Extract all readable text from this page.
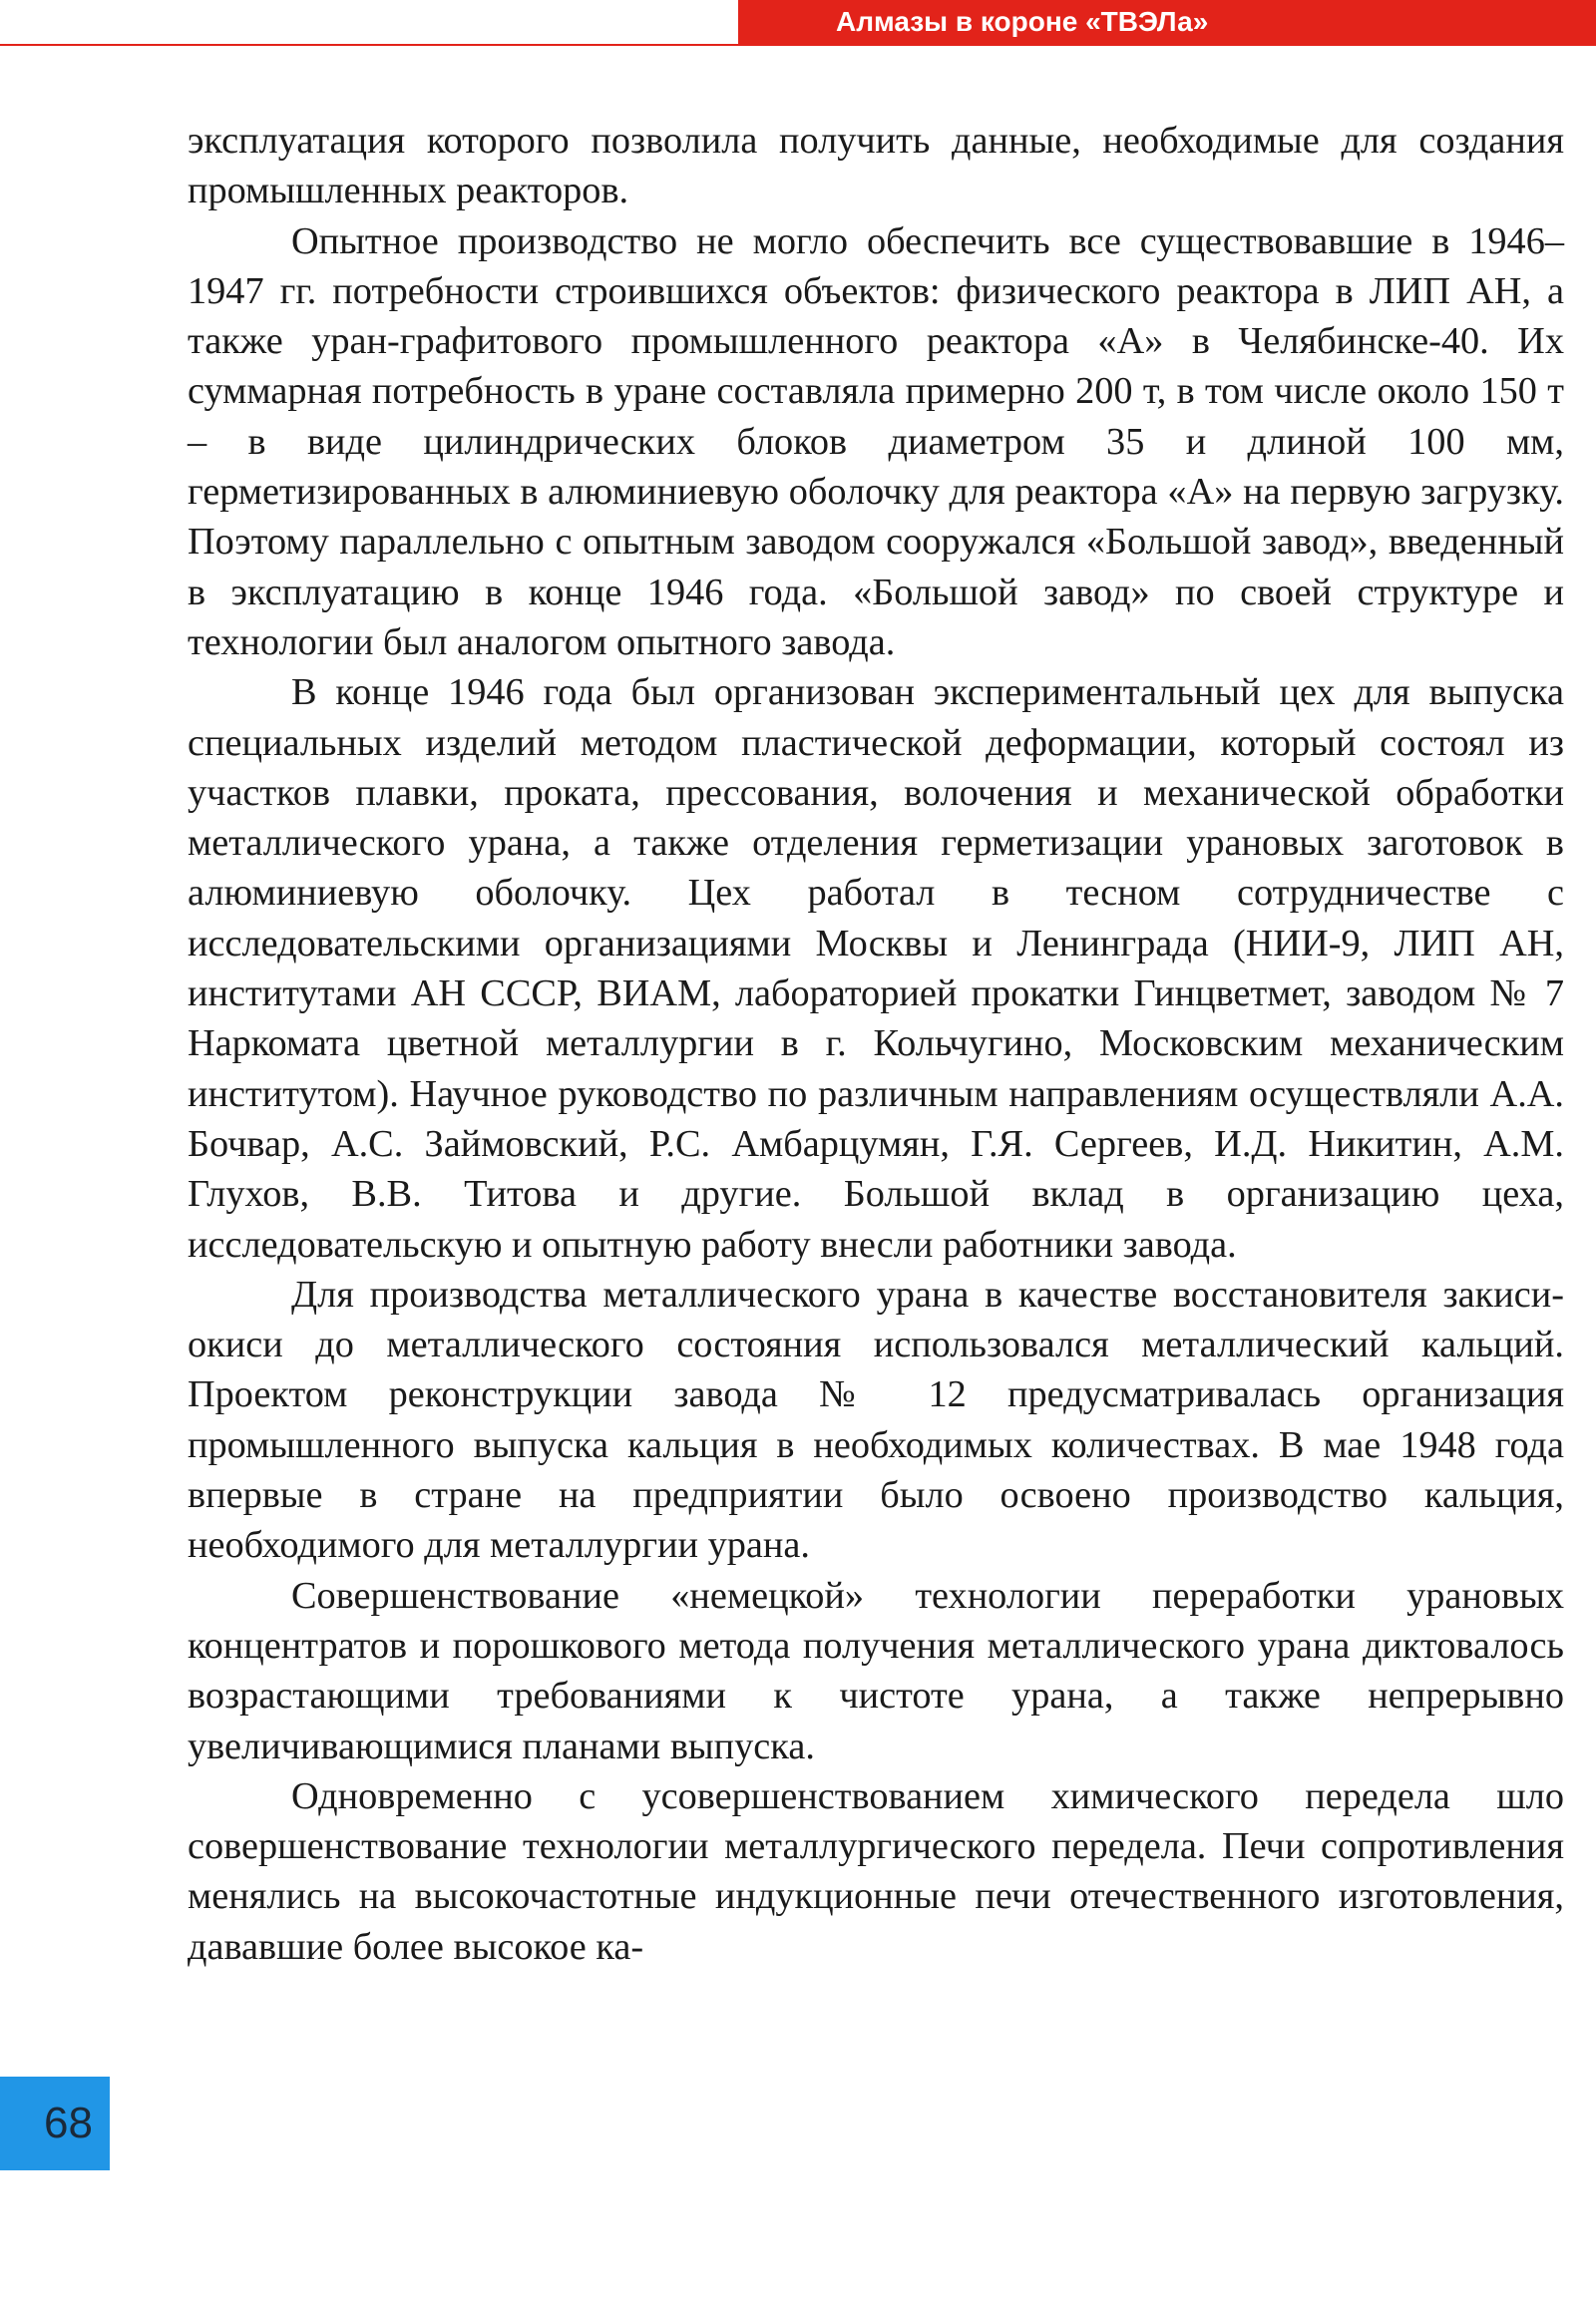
Алмазы в короне «ТВЭЛа»

эксплуатация которого позволила получить данные, необходимые для создания промышленных реакторов.

Опытное производство не могло обеспечить все существовавшие в 1946–1947 гг. потребности строившихся объектов: физического реактора в ЛИП АН, а также уран-графитового промышленного реактора «А» в Челябинске-40. Их суммарная потребность в уране составляла примерно 200 т, в том числе около 150 т – в виде цилиндрических блоков диаметром 35 и длиной 100 мм, герметизированных в алюминиевую оболочку для реактора «А» на первую загрузку. Поэтому параллельно с опытным заводом сооружался «Большой завод», введенный в эксплуатацию в конце 1946 года. «Большой завод» по своей структуре и технологии был аналогом опытного завода.

В конце 1946 года был организован экспериментальный цех для выпуска специальных изделий методом пластической деформации, который состоял из участков плавки, проката, прессования, волочения и механической обработки металлического урана, а также отделения герметизации урановых заготовок в алюминиевую оболочку. Цех работал в тесном сотрудничестве с исследовательскими организациями Москвы и Ленинграда (НИИ-9, ЛИП АН, институтами АН СССР, ВИАМ, лабораторией прокатки Гинцветмет, заводом № 7 Наркомата цветной металлургии в г. Кольчугино, Московским механическим институтом). Научное руководство по различным направлениям осуществляли А.А. Бочвар, А.С. Займовский, Р.С. Амбарцумян, Г.Я. Сергеев, И.Д. Никитин, А.М. Глухов, В.В. Титова и другие. Большой вклад в организацию цеха, исследовательскую и опытную работу внесли работники завода.

Для производства металлического урана в качестве восстановителя закиси-окиси до металлического состояния использовался металлический кальций. Проектом реконструкции завода № 12 предусматривалась организация промышленного выпуска кальция в необходимых количествах. В мае 1948 года впервые в стране на предприятии было освоено производство кальция, необходимого для металлургии урана.

Совершенствование «немецкой» технологии переработки урановых концентратов и порошкового метода получения металлического урана диктовалось возрастающими требованиями к чистоте урана, а также непрерывно увеличивающимися планами выпуска.

Одновременно с усовершенствованием химического передела шло совершенствование технологии металлургического передела. Печи сопротивления менялись на высокочастотные индукционные печи отечественного изготовления, дававшие более высокое ка-

68
